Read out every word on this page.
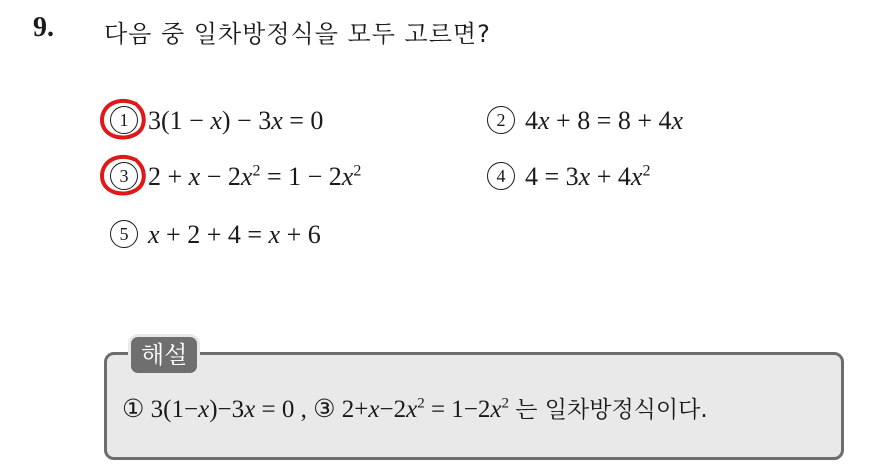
9. 다음 중 일차방정식을 모두 고르면?
1 3(1 − x) − 3x = 0	2 4x + 8 = 8 + 4x
3 $2 + x - 2x^2 = 1 - 2x^2$	4 $4 = 3x + 4x^2$
5 x + 2 + 4 = x + 6
해설
① 3(1−x)−3x = 0 , ③ $2+x-2x^2 = 1-2x^2$ 는 일차방정식이다.
